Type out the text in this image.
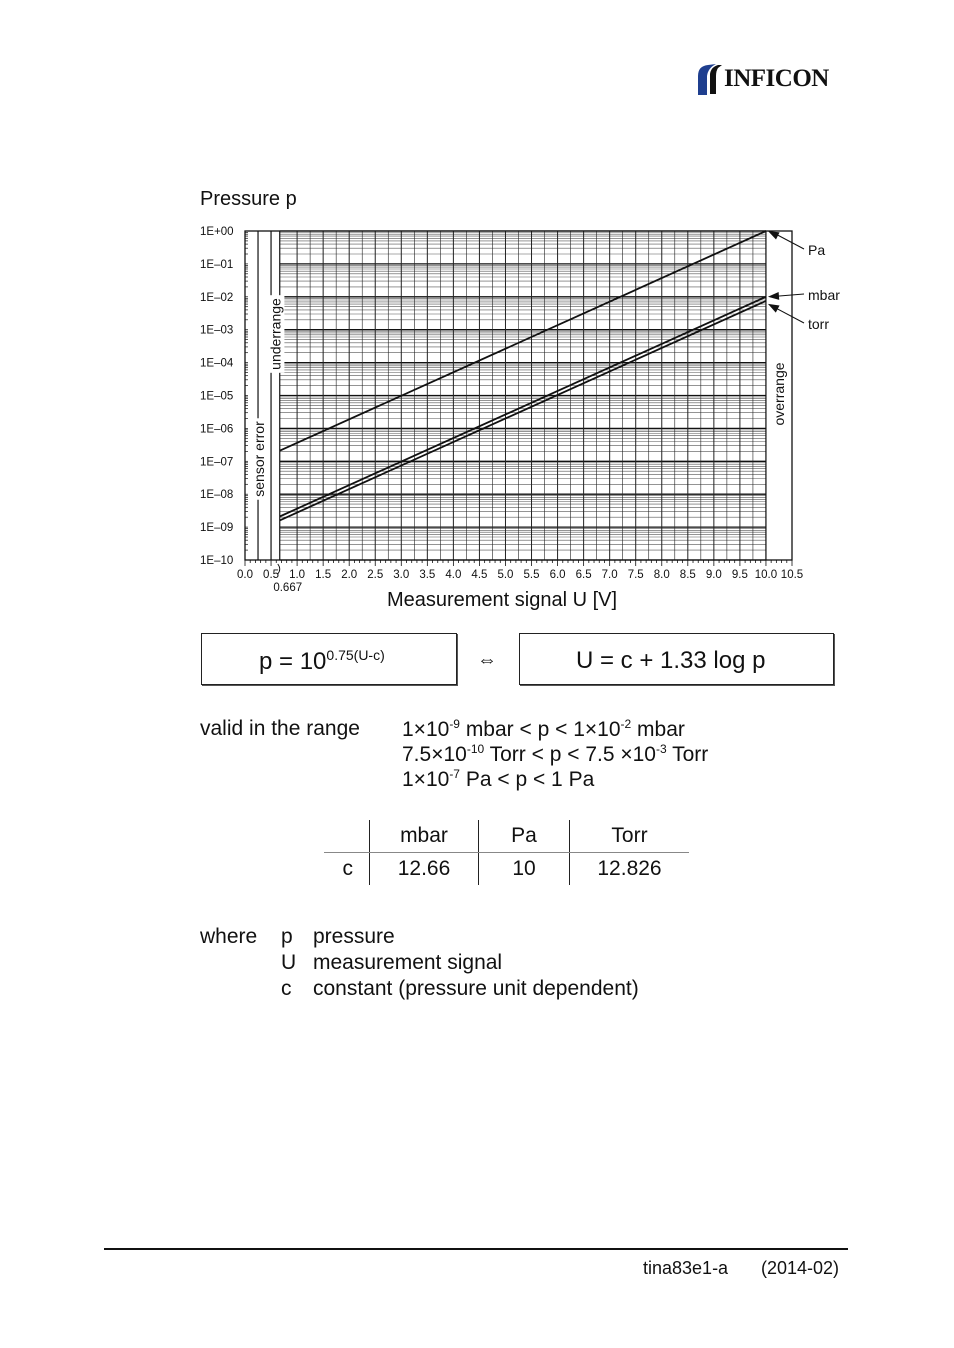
INFICON
Pressure p
0.0 0.5 1.0 1.5 2.0 2.5 3.0 3.5 4.0 4.5 5.0 5.5 6.0 6.5 7.0 7.5 8.0 8.5 9.0 9.5 10.0 10.5
0.667
1E+00
1E–01
1E–02
1E–03
1E–04
1E–05
1E–06
1E–07
1E–08
1E–09
1E–10
Measurement signal U [V]
sensor error
underrange
overrange
Pa
mbar
torr
$p = 10^{0.75(U-c)}$	⇔	U = c + 1.33 log p
valid in the range $1\times 10^{-9}$ mbar < $p < 1\times 10^{-2}$ mbar
$7.5\times 10^{-10}$ Torr < $p < 7.5 \times 10^{-3}$ Torr
$1\times 10^{-7}$ Pa < p < 1 Pa
	mbar	Pa	Torr
c	12.66	10	12.826
where p pressure
U measurement signal
c constant (pressure unit dependent)
tina83e1-a (2014-02)
